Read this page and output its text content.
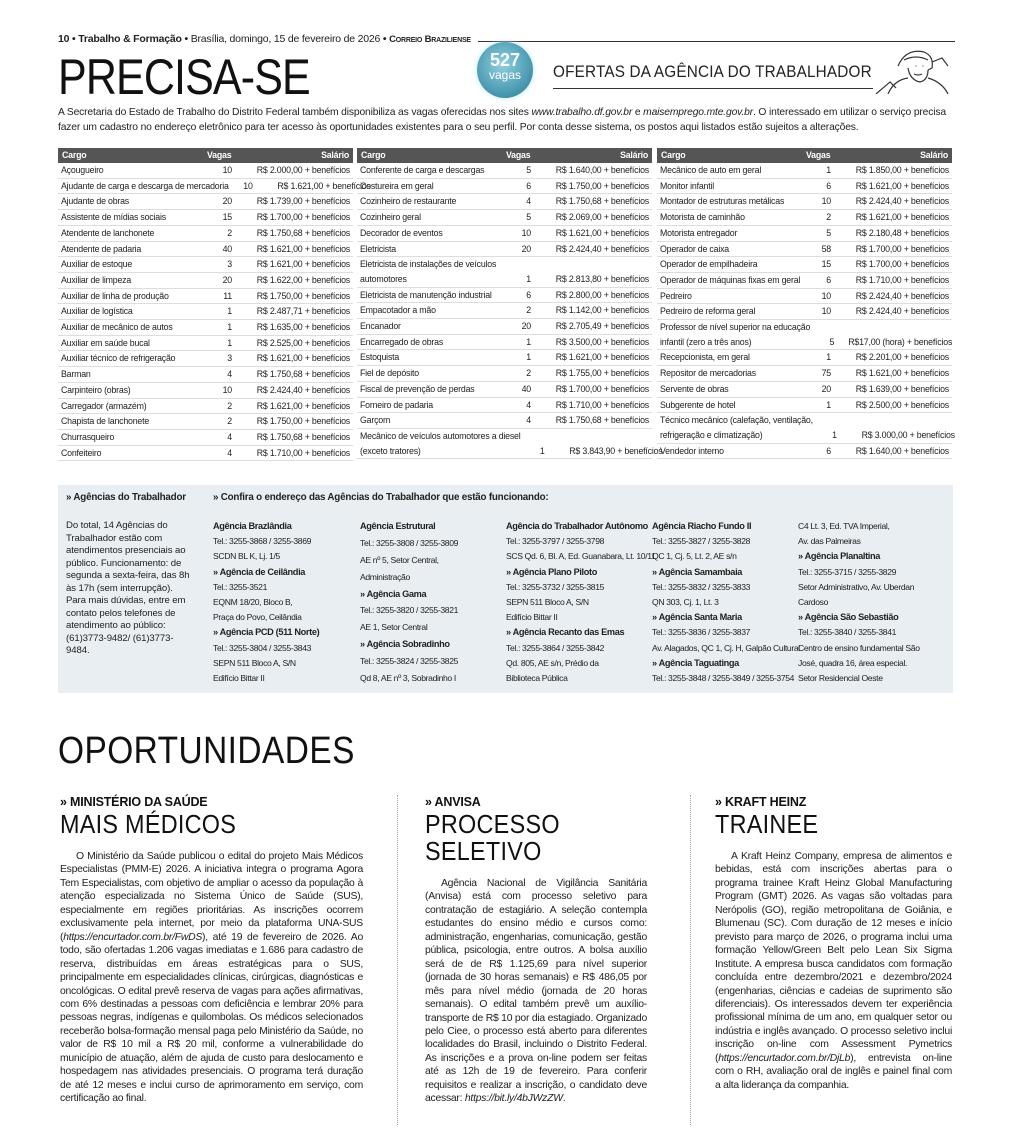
10 • Trabalho & Formação • Brasília, domingo, 15 de fevereiro de 2026 • Correio Braziliense
PRECISA-SE	527
vagas	OFERTAS DA AGÊNCIA DO TRABALHADOR
A Secretaria do Estado de Trabalho do Distrito Federal também disponibiliza as vagas oferecidas nos sites www.trabalho.df.gov.br e maisemprego.mte.gov.br. O interessado em utilizar o serviço precisa fazer um cadastro no endereço eletrônico para ter acesso às oportunidades existentes para o seu perfil. Por conta desse sistema, os postos aqui listados estão sujeitos a alterações.
Cargo	Vagas	Salário
Açougueiro	10	R$ 2.000,00 + benefícios
Ajudante de carga e descarga de mercadoria	10	R$ 1.621,00 + benefícios
Ajudante de obras	20	R$ 1.739,00 + benefícios
Assistente de mídias sociais	15	R$ 1.700,00 + benefícios
Atendente de lanchonete	2	R$ 1.750,68 + benefícios
Atendente de padaria	40	R$ 1.621,00 + benefícios
Auxiliar de estoque	3	R$ 1.621,00 + benefícios
Auxiliar de limpeza	20	R$ 1.622,00 + benefícios
Auxiliar de linha de produção	11	R$ 1.750,00 + benefícios
Auxiliar de logística	1	R$ 2.487,71 + benefícios
Auxiliar de mecânico de autos	1	R$ 1.635,00 + benefícios
Auxiliar em saúde bucal	1	R$ 2.525,00 + benefícios
Auxiliar técnico de refrigeração	3	R$ 1.621,00 + benefícios
Barman	4	R$ 1.750,68 + benefícios
Carpinteiro (obras)	10	R$ 2.424,40 + benefícios
Carregador (armazém)	2	R$ 1.621,00 + benefícios
Chapista de lanchonete	2	R$ 1.750,00 + benefícios
Churrasqueiro	4	R$ 1.750,68 + benefícios
Confeiteiro	4	R$ 1.710,00 + benefícios
Cargo	Vagas	Salário
Conferente de carga e descargas	5	R$ 1.640,00 + benefícios
Costureira em geral	6	R$ 1.750,00 + benefícios
Cozinheiro de restaurante	4	R$ 1.750,68 + benefícios
Cozinheiro geral	5	R$ 2.069,00 + benefícios
Decorador de eventos	10	R$ 1.621,00 + benefícios
Eletricista	20	R$ 2.424,40 + benefícios
Eletricista de instalações de veículos
automotores	1	R$ 2.813,80 + benefícios
Eletricista de manutenção industrial	6	R$ 2.800,00 + benefícios
Empacotador a mão	2	R$ 1.142,00 + benefícios
Encanador	20	R$ 2.705,49 + benefícios
Encarregado de obras	1	R$ 3.500,00 + benefícios
Estoquista	1	R$ 1.621,00 + benefícios
Fiel de depósito	2	R$ 1.755,00 + benefícios
Fiscal de prevenção de perdas	40	R$ 1.700,00 + benefícios
Forneiro de padaria	4	R$ 1.710,00 + benefícios
Garçom	4	R$ 1.750,68 + benefícios
Mecânico de veículos automotores a diesel
(exceto tratores)	1	R$ 3.843,90 + benefícios
Cargo	Vagas	Salário
Mecânico de auto em geral	1	R$ 1.850,00 + benefícios
Monitor infantil	6	R$ 1.621,00 + benefícios
Montador de estruturas metálicas	10	R$ 2.424,40 + benefícios
Motorista de caminhão	2	R$ 1.621,00 + benefícios
Motorista entregador	5	R$ 2.180,48 + benefícios
Operador de caixa	58	R$ 1.700,00 + benefícios
Operador de empilhadeira	15	R$ 1.700,00 + benefícios
Operador de máquinas fixas em geral	6	R$ 1.710,00 + benefícios
Pedreiro	10	R$ 2.424,40 + benefícios
Pedreiro de reforma geral	10	R$ 2.424,40 + benefícios
Professor de nível superior na educação
infantil (zero a três anos)	5	R$17,00 (hora) + benefícios
Recepcionista, em geral	1	R$ 2.201,00 + benefícios
Repositor de mercadorias	75	R$ 1.621,00 + benefícios
Servente de obras	20	R$ 1.639,00 + benefícios
Subgerente de hotel	1	R$ 2.500,00 + benefícios
Técnico mecânico (calefação, ventilação,
refrigeração e climatização)	1	R$ 3.000,00 + benefícios
Vendedor interno	6	R$ 1.640,00 + benefícios
» Agências do Trabalhador	» Confira o endereço das Agências do Trabalhador que estão funcionando:
Do total, 14 Agências do Trabalhador estão com atendimentos presenciais ao público. Funcionamento: de segunda a sexta-feira, das 8h às 17h (sem interrupção). Para mais dúvidas, entre em contato pelos telefones de atendimento ao público: (61)3773-9482/ (61)3773-9484.
Agência Brazlândia
Tel.: 3255-3868 / 3255-3869
SCDN BL K, Lj. 1/5
» Agência de Ceilândia
Tel.: 3255-3521
EQNM 18/20, Bloco B,
Praça do Povo, Ceilândia
» Agência PCD (511 Norte)
Tel.: 3255-3804 / 3255-3843
SEPN 511 Bloco A, S/N
Edifício Bittar II
Agência Estrutural
Tel.: 3255-3808 / 3255-3809
AE nº 5, Setor Central,
Administração
» Agência Gama
Tel.: 3255-3820 / 3255-3821
AE 1, Setor Central
» Agência Sobradinho
Tel.: 3255-3824 / 3255-3825
Qd 8, AE nº 3, Sobradinho I
Agência do Trabalhador Autônomo
Tel.: 3255-3797 / 3255-3798
SCS Qd. 6, Bl. A, Ed. Guanabara, Lt. 10/11
» Agência Plano Piloto
Tel.: 3255-3732 / 3255-3815
SEPN 511 Bloco A, S/N
Edifício Bittar II
» Agência Recanto das Emas
Tel.: 3255-3864 / 3255-3842
Qd. 805, AE s/n, Prédio da
Biblioteca Pública
Agência Riacho Fundo II
Tel.: 3255-3827 / 3255-3828
QC 1, Cj. 5, Lt. 2, AE s/n
» Agência Samambaia
Tel.: 3255-3832 / 3255-3833
QN 303, Cj. 1, Lt. 3
» Agência Santa Maria
Tel.: 3255-3836 / 3255-3837
Av. Alagados, QC 1, Cj. H, Galpão Cultural
» Agência Taguatinga
Tel.: 3255-3848 / 3255-3849 / 3255-3754
C4 Lt. 3, Ed. TVA Imperial,
Av. das Palmeiras
» Agência Planaltina
Tel.: 3255-3715 / 3255-3829
Setor Administrativo, Av. Uberdan
Cardoso
» Agência São Sebastião
Tel.: 3255-3840 / 3255-3841
Centro de ensino fundamental São
José, quadra 16, área especial.
Setor Residencial Oeste
OPORTUNIDADES
» MINISTÉRIO DA SAÚDE
MAIS MÉDICOS

O Ministério da Saúde publicou o edital do projeto Mais Médicos Especialistas (PMM-E) 2026. A iniciativa integra o programa Agora Tem Especialistas, com objetivo de ampliar o acesso da população à atenção especializada no Sistema Único de Saúde (SUS), especialmente em regiões prioritárias. As inscrições ocorrem exclusivamente pela internet, por meio da plataforma UNA-SUS (https://encurtador.com.br/FwDS), até 19 de fevereiro de 2026. Ao todo, são ofertadas 1.206 vagas imediatas e 1.686 para cadastro de reserva, distribuídas em áreas estratégicas para o SUS, principalmente em especialidades clínicas, cirúrgicas, diagnósticas e oncológicas. O edital prevê reserva de vagas para ações afirmativas, com 6% destinadas a pessoas com deficiência e lembrar 20% para pessoas negras, indígenas e quilombolas. Os médicos selecionados receberão bolsa-formação mensal paga pelo Ministério da Saúde, no valor de R$ 10 mil a R$ 20 mil, conforme a vulnerabilidade do município de atuação, além de ajuda de custo para deslocamento e hospedagem nas atividades presenciais. O programa terá duração de até 12 meses e inclui curso de aprimoramento em serviço, com certificação ao final.

» ANVISA
PROCESSO SELETIVO

Agência Nacional de Vigilância Sanitária (Anvisa) está com processo seletivo para contratação de estagiário. A seleção contempla estudantes do ensino médio e cursos como: administração, engenharias, comunicação, gestão pública, psicologia, entre outros. A bolsa auxílio será de de R$ 1.125,69 para nível superior (jornada de 30 horas semanais) e R$ 486,05 por mês para nível médio (jornada de 20 horas semanais). O edital também prevê um auxílio-transporte de R$ 10 por dia estagiado. Organizado pelo Ciee, o processo está aberto para diferentes localidades do Brasil, incluindo o Distrito Federal. As inscrições e a prova on-line podem ser feitas até as 12h de 19 de fevereiro. Para conferir requisitos e realizar a inscrição, o candidato deve acessar: https://bit.ly/4bJWzZW.

» KRAFT HEINZ
TRAINEE

A Kraft Heinz Company, empresa de alimentos e bebidas, está com inscrições abertas para o programa trainee Kraft Heinz Global Manufacturing Program (GMT) 2026. As vagas são voltadas para Nerópolis (GO), região metropolitana de Goiânia, e Blumenau (SC). Com duração de 12 meses e início previsto para março de 2026, o programa inclui uma formação Yellow/Green Belt pelo Lean Six Sigma Institute. A empresa busca candidatos com formação concluída entre dezembro/2021 e dezembro/2024 (engenharias, ciências e cadeias de suprimento são diferenciais). Os interessados devem ter experiência profissional mínima de um ano, em qualquer setor ou indústria e inglês avançado. O processo seletivo inclui inscrição on-line com Assessment Pymetrics (https://encurtador.com.br/DjLb), entrevista on-line com o RH, avaliação oral de inglês e painel final com a alta liderança da companhia.
